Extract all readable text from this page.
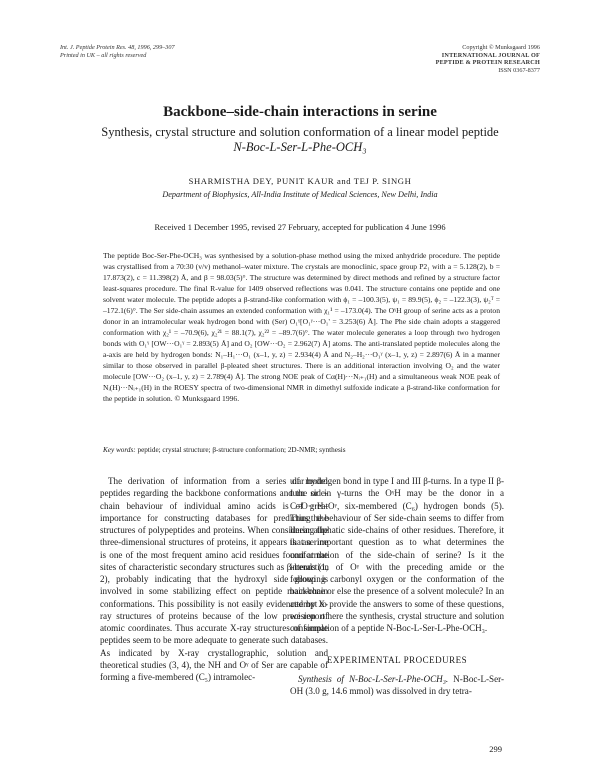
Int. J. Peptide Protein Res. 48, 1996, 299–307
Printed in UK – all rights reserved
Copyright © Munksgaard 1996
INTERNATIONAL JOURNAL OF
PEPTIDE & PROTEIN RESEARCH
ISSN 0367-8377
Backbone–side-chain interactions in serine
Synthesis, crystal structure and solution conformation of a linear model peptide
N-Boc-L-Ser-L-Phe-OCH₃

SHARMISTHA DEY, PUNIT KAUR and TEJ P. SINGH

Department of Biophysics, All-India Institute of Medical Sciences, New Delhi, India

Received 1 December 1995, revised 27 February, accepted for publication 4 June 1996

The peptide Boc-Ser-Phe-OCH₃ was synthesised by a solution-phase method using the mixed anhydride procedure. The peptide was crystallised from a 70:30 (v/v) methanol–water mixture. The crystals are monoclinic, space group P2₁ with a = 5.128(2), b = 17.873(2), c = 11.398(2) Å, and β = 98.03(5)°. The structure was determined by direct methods and refined by a structure factor least-squares procedure. The final R-value for 1409 observed reflections was 0.041. The structure contains one peptide and one solvent water molecule. The peptide adopts a β-strand-like conformation with ϕ₁ = –100.3(5), ψ₁ = 89.9(5), ϕ₂ = –122.3(3), ψ₂ᵀ = –172.1(6)°. The Ser side-chain assumes an extended conformation with χ₁¹ = –173.0(4). The OᵞH group of serine acts as a proton donor in an intramolecular weak hydrogen bond with (Ser) O₁ᵞ[O₁ᵞ···O₁' = 3.253(6) Å]. The Phe side chain adopts a staggered conformation with χ₂¹ = –70.9(6), χ₂²¹ = 88.1(7), χ₂²² = –89.7(6)°. The water molecule generates a loop through two hydrogen bonds with O₁ᵞ [OW···O₁ᵞ = 2.893(5) Å] and O₂ [OW···O₂ = 2.962(7) Å] atoms. The anti-translated peptide molecules along the a-axis are held by hydrogen bonds: N₁–H₁···O₁ (x–1, y, z) = 2.934(4) Å and N₂–H₂···O₁ᵞ (x–1, y, z) = 2.897(6) Å in a manner similar to those observed in parallel β-pleated sheet structures. There is an additional interaction involving O₂ and the water molecule [OW···O₂ (x–1, y, z) = 2.789(4) Å]. The strong NOE peak of Cα(H)···Nᵢ₊₁(H) and a simultaneous weak NOE peak of Nᵢ(H)···Nᵢ₊₁(H) in the ROESY spectra of two-dimensional NMR in dimethyl sulfoxide indicate a β-strand-like conformation for the peptide in solution. © Munksgaard 1996.

Key words: peptide; crystal structure; β-structure conformation; 2D-NMR; synthesis

The derivation of information from a series of model peptides regarding the backbone conformations and the side-chain behaviour of individual amino acids is of great importance for constructing databases for predicting the structures of polypeptides and proteins. When considering the three-dimensional structures of proteins, it appears that serine is one of the most frequent amino acid residues found at the sites of characteristic secondary structures such as β-bends (1, 2), probably indicating that the hydroxyl side group is involved in some stabilizing effect on peptide main-chain conformations. This possibility is not easily evidenced by X-ray structures of proteins because of the low precision of atomic coordinates. Thus accurate X-ray structures of simple peptides seem to be more adequate to generate such databases. As indicated by X-ray crystallographic, solution and theoretical studies (3, 4), the NH and Oᵞ of Ser are capable of forming a five-membered (C₅) intramolec-

ular hydrogen bond in type I and III β-turns. In a type II β-turn or in γ-turns the OᵞH may be the donor in a C=O···H–Oᵞ, six-membered (C₆) hydrogen bonds (5). Thus the behaviour of Ser side-chain seems to differ from linear aliphatic side-chains of other residues. Therefore, it is an important question as to what determines the conformation of the side-chain of serine? Is it the interaction of Oᵞ with the preceding amide or the following carbonyl oxygen or the conformation of the backbone or else the presence of a solvent molecule? In an attempt to provide the answers to some of these questions, we report here the synthesis, crystal structure and solution conformation of a peptide N-Boc-L-Ser-L-Phe-OCH₃.

EXPERIMENTAL PROCEDURES

Synthesis of N-Boc-L-Ser-L-Phe-OCH₃. N-Boc-L-Ser-OH (3.0 g, 14.6 mmol) was dissolved in dry tetra-

299
